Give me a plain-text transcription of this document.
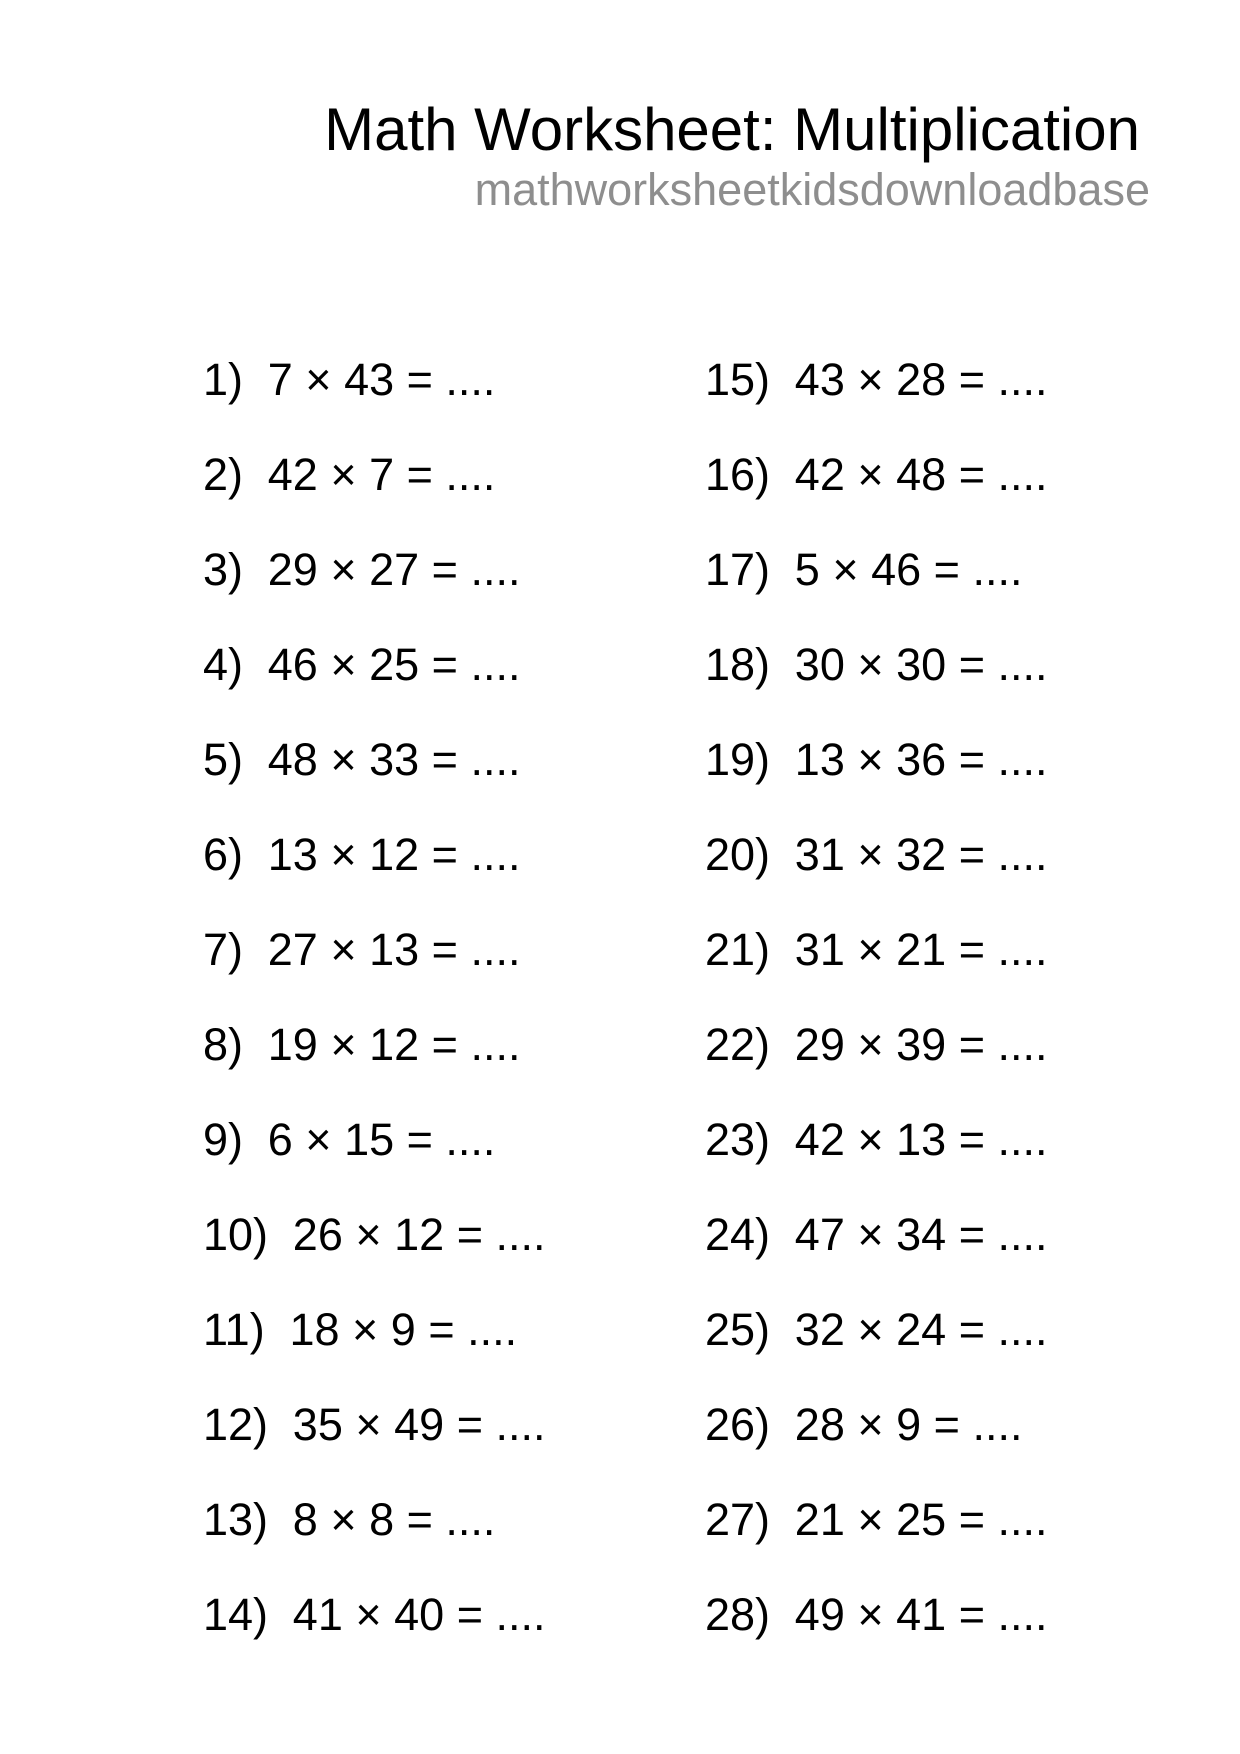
Math Worksheet: Multiplication
mathworksheetkidsdownloadbase
1) 7 × 43 = ....
2) 42 × 7 = ....
3) 29 × 27 = ....
4) 46 × 25 = ....
5) 48 × 33 = ....
6) 13 × 12 = ....
7) 27 × 13 = ....
8) 19 × 12 = ....
9) 6 × 15 = ....
10) 26 × 12 = ....
11) 18 × 9 = ....
12) 35 × 49 = ....
13) 8 × 8 = ....
14) 41 × 40 = ....
15) 43 × 28 = ....
16) 42 × 48 = ....
17) 5 × 46 = ....
18) 30 × 30 = ....
19) 13 × 36 = ....
20) 31 × 32 = ....
21) 31 × 21 = ....
22) 29 × 39 = ....
23) 42 × 13 = ....
24) 47 × 34 = ....
25) 32 × 24 = ....
26) 28 × 9 = ....
27) 21 × 25 = ....
28) 49 × 41 = ....
